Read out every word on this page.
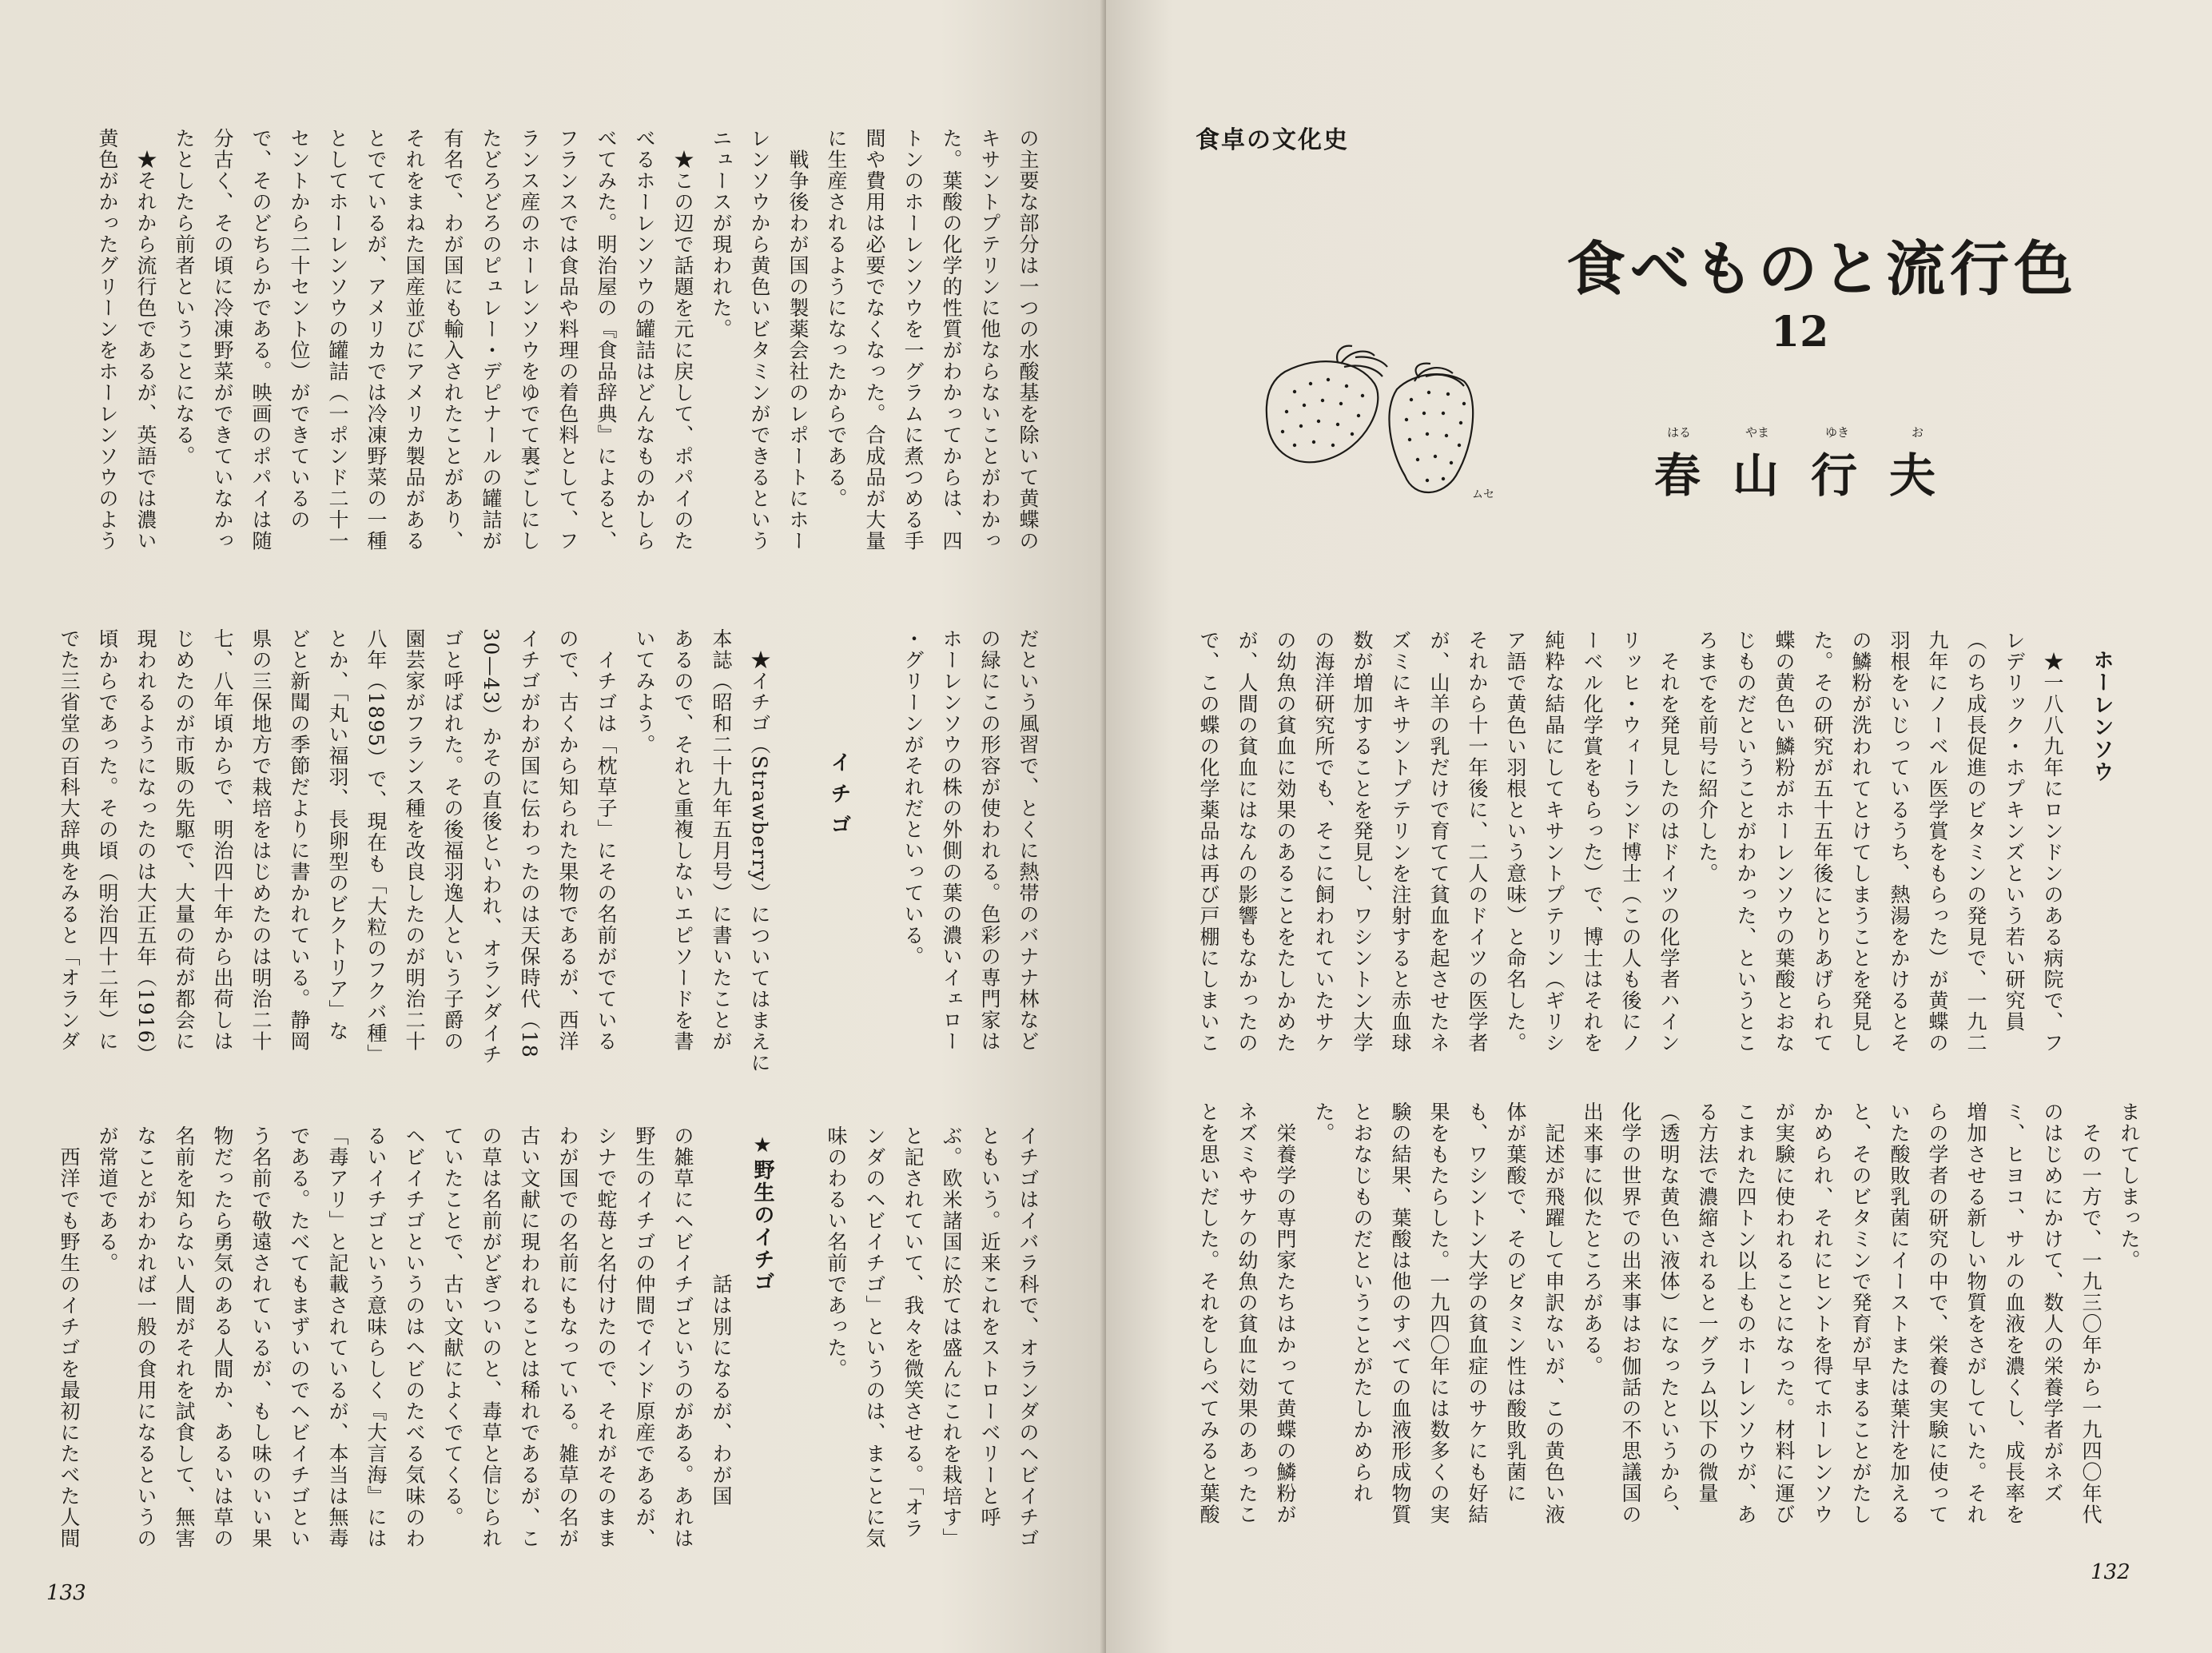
の主要な部分は一つの水酸基を除いて黄蝶の
キサントプテリンに他ならないことがわかっ
た。葉酸の化学的性質がわかってからは、四
トンのホーレンソウを一グラムに煮つめる手
間や費用は必要でなくなった。合成品が大量
に生産されるようになったからである。
　戦争後わが国の製薬会社のレポートにホー
レンソウから黄色いビタミンができるという
ニュースが現われた。
　★この辺で話題を元に戻して、ポパイのた
べるホーレンソウの罐詰はどんなものかしら
べてみた。明治屋の『食品辞典』によると、
フランスでは食品や料理の着色料として、フ
ランス産のホーレンソウをゆでて裏ごしにし
たどろどろのピュレー・デピナールの罐詰が
有名で、わが国にも輸入されたことがあり、
それをまねた国産並びにアメリカ製品がある
とでているが、アメリカでは冷凍野菜の一種
としてホーレンソウの罐詰（一ポンド二十一
セントから二十セント位）ができているの
で、そのどちらかである。映画のポパイは随
分古く、その頃に冷凍野菜ができていなかっ
たとしたら前者ということになる。
　★それから流行色であるが、英語では濃い
黄色がかったグリーンをホーレンソウのよう
だという風習で、とくに熱帯のバナナ林など
の緑にこの形容が使われる。色彩の専門家は
ホーレンソウの株の外側の葉の濃いイェロー
・グリーンがそれだといっている。
　★イチゴ（Strawberry）についてはまえに
本誌（昭和二十九年五月号）に書いたことが
あるので、それと重複しないエピソードを書
いてみよう。
　イチゴは「枕草子」にその名前がでている
ので、古くから知られた果物であるが、西洋
イチゴがわが国に伝わったのは天保時代（18
30—43）かその直後といわれ、オランダイチ
ゴと呼ばれた。その後福羽逸人という子爵の
園芸家がフランス種を改良したのが明治二十
八年（1895）で、現在も「大粒のフクバ種」
とか、「丸い福羽、長卵型のビクトリア」な
どと新聞の季節だよりに書かれている。静岡
県の三保地方で栽培をはじめたのは明治二十
七、八年頃からで、明治四十年から出荷しは
じめたのが市販の先駆で、大量の荷が都会に
現われるようになったのは大正五年（1916）
頃からであった。その頃（明治四十二年）に
でた三省堂の百科大辞典をみると「オランダ	イ チ ゴ
イチゴはイバラ科で、オランダのヘビイチゴ
ともいう。近来これをストローベリーと呼
ぶ。欧米諸国に於ては盛んにこれを栽培す」
と記されていて、我々を微笑させる。「オラ
ンダのヘビイチゴ」というのは、まことに気
味のわるい名前であった。
　　　　　　　話は別になるが、わが国
の雑草にヘビイチゴというのがある。あれは
野生のイチゴの仲間でインド原産であるが、
シナで蛇苺と名付けたので、それがそのまま
わが国での名前にもなっている。雑草の名が
古い文献に現われることは稀れであるが、こ
の草は名前がどぎついのと、毒草と信じられ
ていたことで、古い文献によくでてくる。
ヘビイチゴというのはヘビのたべる気味のわ
るいイチゴという意味らしく『大言海』には
「毒アリ」と記載されているが、本当は無毒
である。たべてもまずいのでヘビイチゴとい
う名前で敬遠されているが、もし味のいい果
物だったら勇気のある人間か、あるいは草の
名前を知らない人間がそれを試食して、無害
なことがわかれば一般の食用になるというの
が常道である。
　西洋でも野生のイチゴを最初にたべた人間	★野生のイチゴ
133
食卓の文化史
食べものと流行色
12
はる	やま	ゆき	お
春山行夫
ムセ
ホーレンソウ
　★一八八九年にロンドンのある病院で、フ
レデリック・ホプキンズという若い研究員
（のち成長促進のビタミンの発見で、一九二
九年にノーベル医学賞をもらった）が黄蝶の
羽根をいじっているうち、熱湯をかけるとそ
の鱗粉が洗われてとけてしまうことを発見し
た。その研究が五十五年後にとりあげられて
蝶の黄色い鱗粉がホーレンソウの葉酸とおな
じものだということがわかった、というとこ
ろまでを前号に紹介した。
　それを発見したのはドイツの化学者ハイン
リッヒ・ウィーランド博士（この人も後にノ
ーベル化学賞をもらった）で、博士はそれを
純粋な結晶にしてキサントプテリン（ギリシ
ア語で黄色い羽根という意味）と命名した。
それから十一年後に、二人のドイツの医学者
が、山羊の乳だけで育てて貧血を起させたネ
ズミにキサントプテリンを注射すると赤血球
数が増加することを発見し、ワシントン大学
の海洋研究所でも、そこに飼われていたサケ
の幼魚の貧血に効果のあることをたしかめた
が、人間の貧血にはなんの影響もなかったの
で、この蝶の化学薬品は再び戸棚にしまいこ
まれてしまった。
　その一方で、一九三〇年から一九四〇年代
のはじめにかけて、数人の栄養学者がネズ
ミ、ヒヨコ、サルの血液を濃くし、成長率を
増加させる新しい物質をさがしていた。それ
らの学者の研究の中で、栄養の実験に使って
いた酸敗乳菌にイーストまたは葉汁を加える
と、そのビタミンで発育が早まることがたし
かめられ、それにヒントを得てホーレンソウ
が実験に使われることになった。材料に運び
こまれた四トン以上ものホーレンソウが、あ
る方法で濃縮されると一グラム以下の微量
（透明な黄色い液体）になったというから、
化学の世界での出来事はお伽話の不思議国の
出来事に似たところがある。
　記述が飛躍して申訳ないが、この黄色い液
体が葉酸で、そのビタミン性は酸敗乳菌に
も、ワシントン大学の貧血症のサケにも好結
果をもたらした。一九四〇年には数多くの実
験の結果、葉酸は他のすべての血液形成物質
とおなじものだということがたしかめられ
た。
　栄養学の専門家たちはかって黄蝶の鱗粉が
ネズミやサケの幼魚の貧血に効果のあったこ
とを思いだした。それをしらべてみると葉酸
132
